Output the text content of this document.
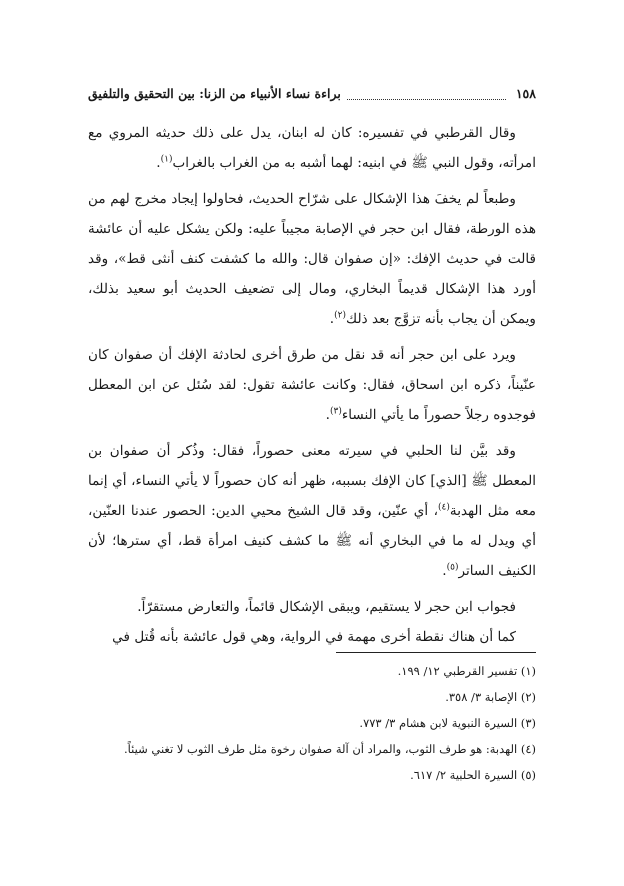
١٥٨
براءة نساء الأنبياء من الزنا: بين التحقيق والتلفيق

وقال القرطبي في تفسيره: كان له ابنان، يدل على ذلك حديثه المروي مع امرأته، وقول النبي ﷺ في ابنيه: لهما أشبه به من الغراب بالغراب$^{(١)}$.

وطبعاً لم يخفَ هذا الإشكال على شرّاح الحديث، فحاولوا إيجاد مخرج لهم من هذه الورطة، فقال ابن حجر في الإصابة مجيباً عليه: ولكن يشكل عليه أن عائشة قالت في حديث الإفك: «إن صفوان قال: والله ما كشفت كنف أنثى قط»، وقد أورد هذا الإشكال قديماً البخاري، ومال إلى تضعيف الحديث أبو سعيد بذلك، ويمكن أن يجاب بأنه تزوَّج بعد ذلك$^{(٢)}$.

ويرد على ابن حجر أنه قد نقل من طرق أخرى لحادثة الإفك أن صفوان كان عنّيناً، ذكره ابن اسحاق، فقال: وكانت عائشة تقول: لقد سُئل عن ابن المعطل فوجدوه رجلاً حصوراً ما يأتي النساء$^{(٣)}$.

وقد بيَّن لنا الحلبي في سيرته معنى حصوراً، فقال: وذُكر أن صفوان بن المعطل ﷺ [الذي] كان الإفك بسببه، ظهر أنه كان حصوراً لا يأتي النساء، أي إنما معه مثل الهدبة$^{(٤)}$، أي عنّين، وقد قال الشيخ محيي الدين: الحصور عندنا العنّين، أي ويدل له ما في البخاري أنه ﷺ ما كشف كنيف امرأة قط، أي سترها؛ لأن الكنيف الساتر$^{(٥)}$.

فجواب ابن حجر لا يستقيم، ويبقى الإشكال قائماً، والتعارض مستقرّاً.

كما أن هناك نقطة أخرى مهمة في الرواية، وهي قول عائشة بأنه قُتل في

(١) تفسير القرطبي ١٢/ ١٩٩.

(٢) الإصابة ٣/ ٣٥٨.

(٣) السيرة النبوية لابن هشام ٣/ ٧٧٣.

(٤) الهدبة: هو طرف الثوب، والمراد أن آلة صفوان رخوة مثل طرف الثوب لا تغني شيئاً.

(٥) السيرة الحلبية ٢/ ٦١٧.
